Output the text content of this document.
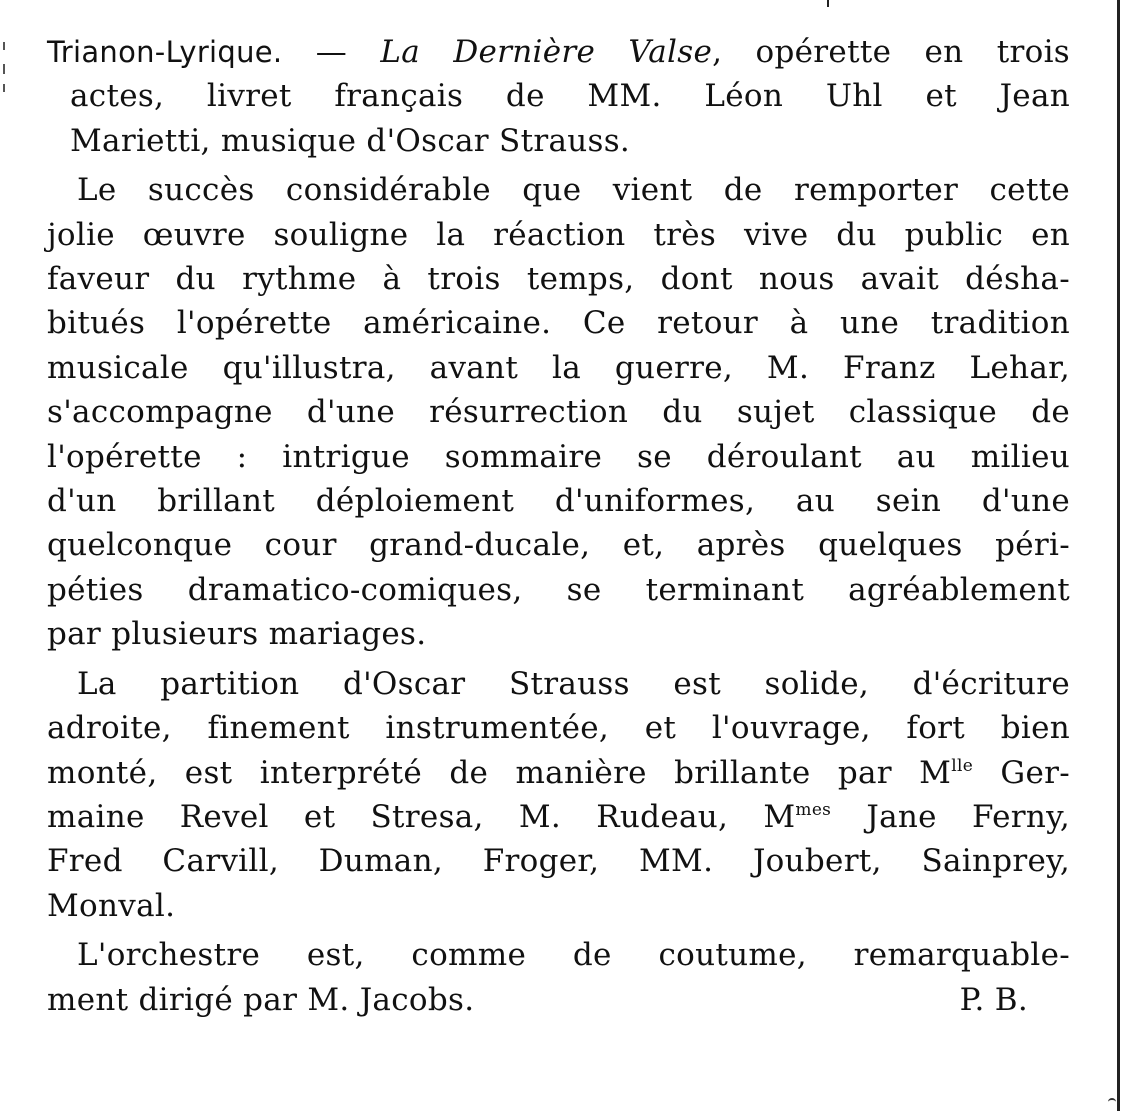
Trianon-Lyrique. — La Dernière Valse, opérette en trois
actes, livret français de MM. Léon Uhl et Jean
Marietti, musique d'Oscar Strauss.
Le succès considérable que vient de remporter cette
jolie œuvre souligne la réaction très vive du public en
faveur du rythme à trois temps, dont nous avait désha-
bitués l'opérette américaine. Ce retour à une tradition
musicale qu'illustra, avant la guerre, M. Franz Lehar,
s'accompagne d'une résurrection du sujet classique de
l'opérette : intrigue sommaire se déroulant au milieu
d'un brillant déploiement d'uniformes, au sein d'une
quelconque cour grand-ducale, et, après quelques péri-
péties dramatico-comiques, se terminant agréablement
par plusieurs mariages.
La partition d'Oscar Strauss est solide, d'écriture
adroite, finement instrumentée, et l'ouvrage, fort bien
monté, est interprété de manière brillante par $M^{lle}$ Ger-
maine Revel et Stresa, M. Rudeau, $M^{mes}$ Jane Ferny,
Fred Carvill, Duman, Froger, MM. Joubert, Sainprey,
Monval.
L'orchestre est, comme de coutume, remarquable-
ment dirigé par M. Jacobs.	P. B.
